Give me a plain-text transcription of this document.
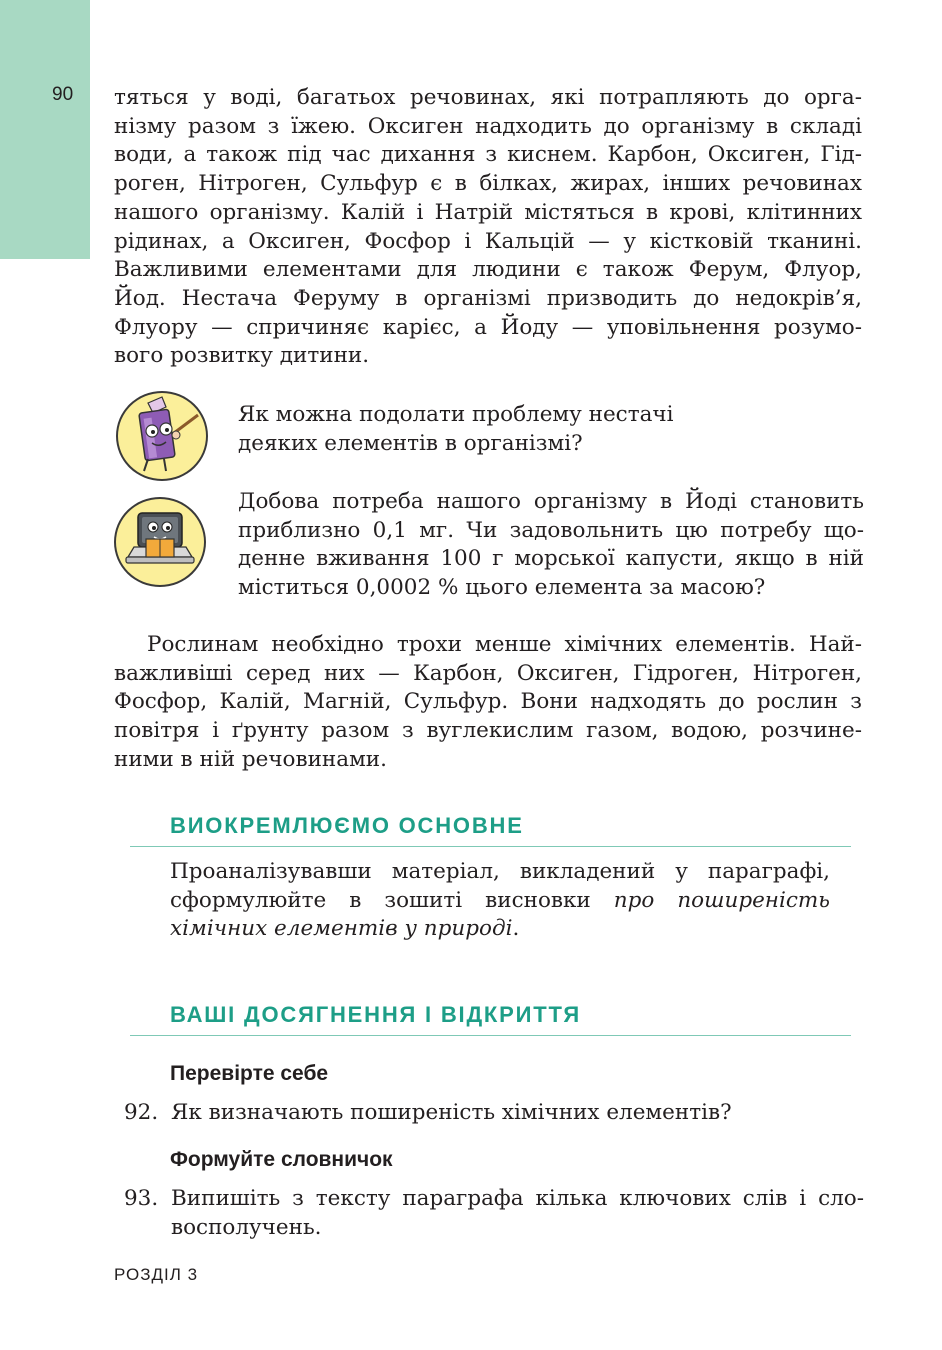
90 тяться у воді, багатьох речовинах, які потрапляють до орга-
нізму разом з їжею. Оксиген надходить до організму в складі
води, а також під час дихання з киснем. Карбон, Оксиген, Гід-
роген, Нітроген, Сульфур є в білках, жирах, інших речовинах
нашого організму. Калій і Натрій містяться в крові, клітинних
рідинах, а Оксиген, Фосфор і Кальцій — у кістковій тканині.
Важливими елементами для людини є також Ферум, Флуор,
Йод. Нестача Феруму в організмі призводить до недокрів’я,
Флуору — спричиняє карієс, а Йоду — уповільнення розумо-
вого розвитку дитини.
Як можна подолати проблему нестачі
деяких елементів в організмі?
Добова потреба нашого організму в Йоді становить
приблизно 0,1 мг. Чи задовольнить цю потребу що-
денне вживання 100 г морської капусти, якщо в ній
міститься 0,0002 % цього елемента за масою?
Рослинам необхідно трохи менше хімічних елементів. Най-
важливіші серед них — Карбон, Оксиген, Гідроген, Нітроген,
Фосфор, Калій, Магній, Сульфур. Вони надходять до рослин з
повітря і ґрунту разом з вуглекислим газом, водою, розчине-
ними в ній речовинами.
ВИОКРЕМЛЮЄМО ОСНОВНЕ
Проаналізувавши матеріал, викладений у параграфі,
сформулюйте в зошиті висновки про поширеність
хімічних елементів у природі.
ВАШІ ДОСЯГНЕННЯ І ВІДКРИТТЯ
Перевірте себе
92. Як визначають поширеність хімічних елементів?
Формуйте словничок
93. Випишіть з тексту параграфа кілька ключових слів і сло-
восполучень.
РОЗДІЛ 3
